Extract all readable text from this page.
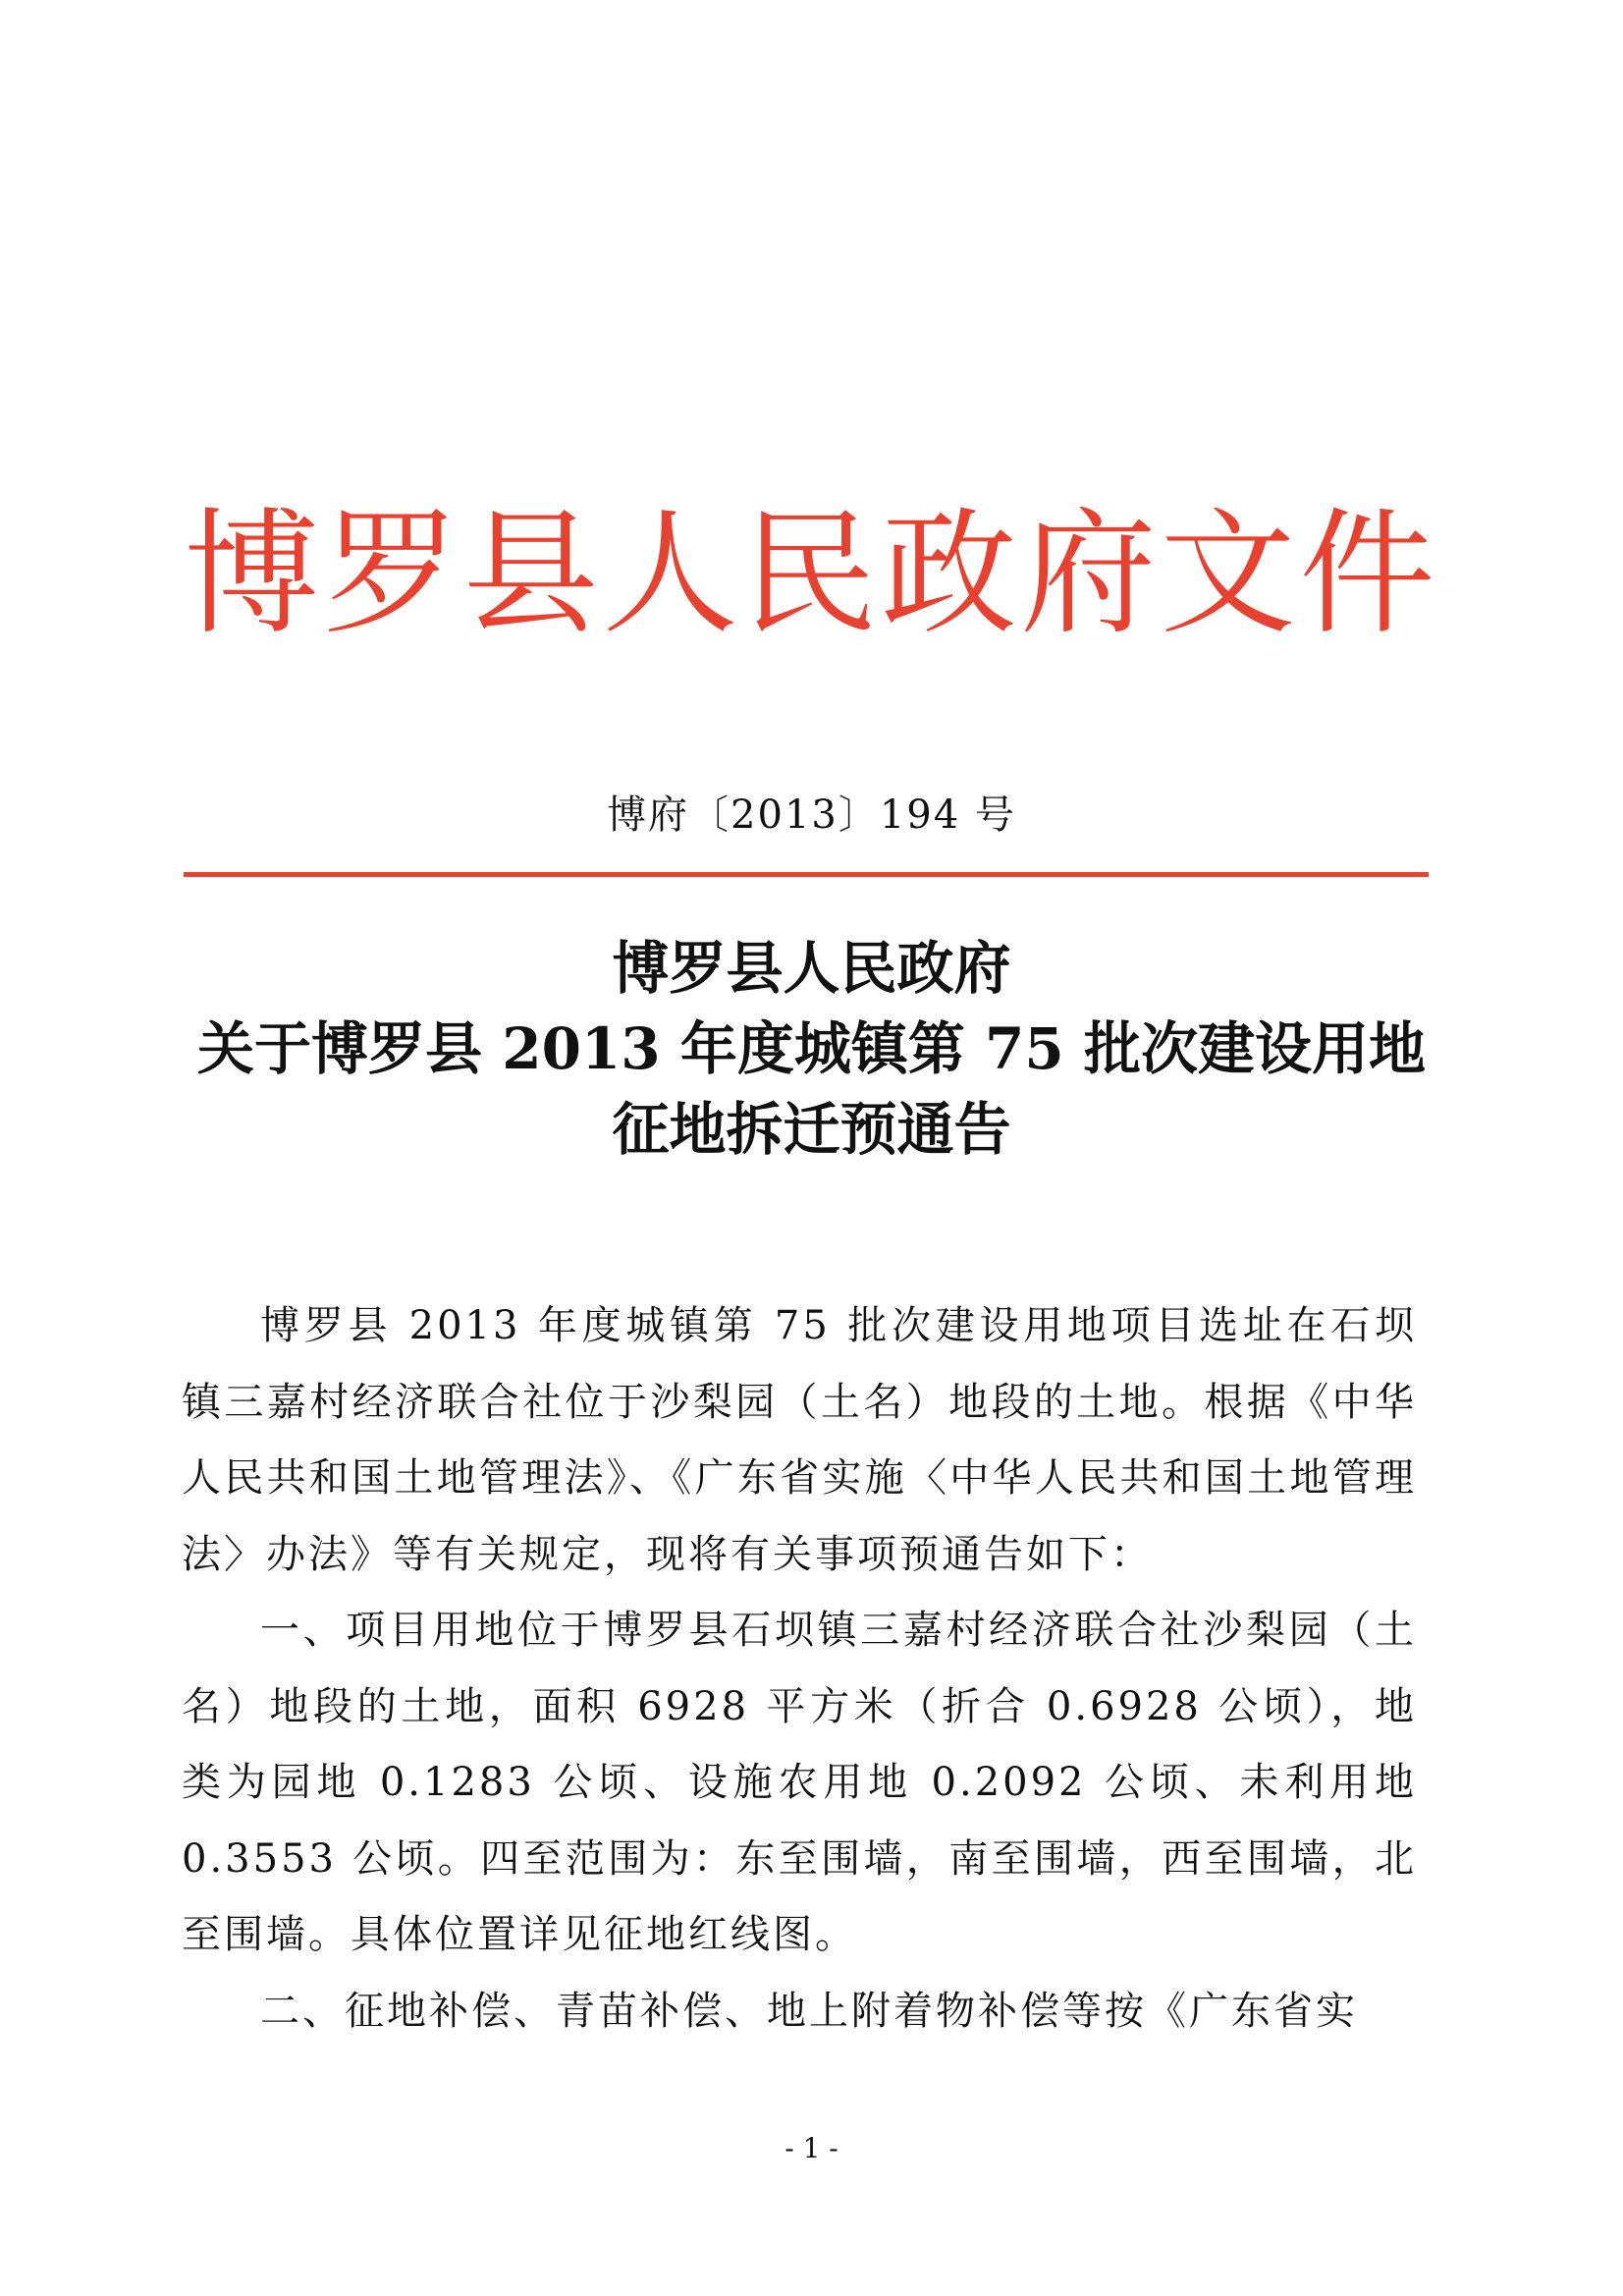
博罗县人民政府文件
博府〔2013〕194 号
博罗县人民政府
关于博罗县 2013 年度城镇第 75 批次建设用地
征地拆迁预通告

博罗县 2013 年度城镇第 75 批次建设用地项目选址在石坝镇三嘉村经济联合社位于沙梨园（土名）地段的土地。根据《中华人民共和国土地管理法》、《广东省实施〈中华人民共和国土地管理法〉办法》等有关规定，现将有关事项预通告如下：

一、项目用地位于博罗县石坝镇三嘉村经济联合社沙梨园（土名）地段的土地，面积 6928 平方米（折合 0.6928 公顷），地类为园地 0.1283 公顷、设施农用地 0.2092 公顷、未利用地 0.3553 公顷。四至范围为：东至围墙，南至围墙，西至围墙，北至围墙。具体位置详见征地红线图。

二、征地补偿、青苗补偿、地上附着物补偿等按《广东省实

- 1 -
